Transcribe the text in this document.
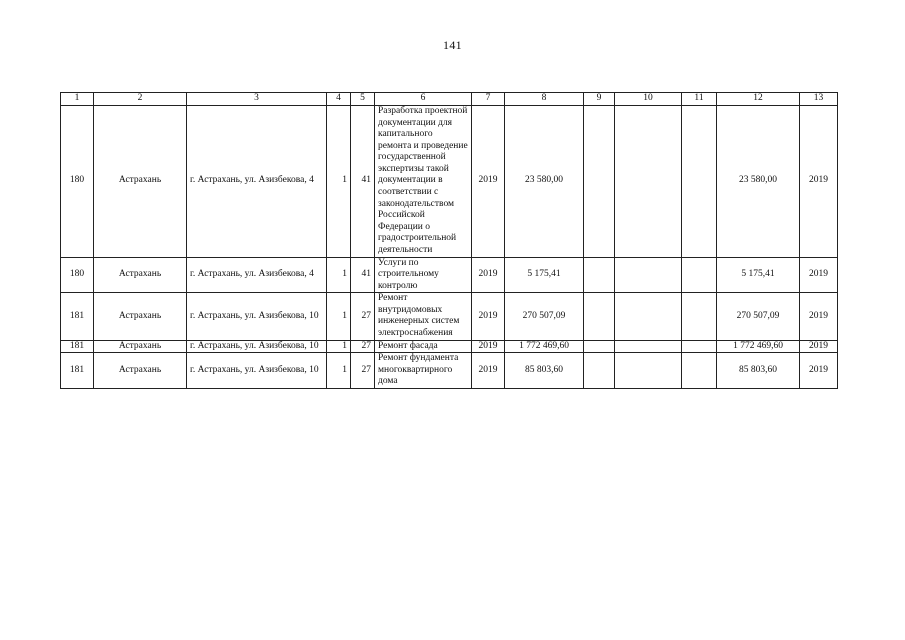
141
1	2	3	4	5	6	7	8	9	10	11	12	13
180	Астрахань	г. Астрахань, ул. Азизбекова, 4	1	41	Разработка проектной документации для капитального ремонта и проведение государственной экспертизы такой документации в соответствии с законодательством Российской Федерации о градостроительной деятельности	2019	23 580,00				23 580,00	2019
180	Астрахань	г. Астрахань, ул. Азизбекова, 4	1	41	Услуги по строительному контролю	2019	5 175,41				5 175,41	2019
181	Астрахань	г. Астрахань, ул. Азизбекова, 10	1	27	Ремонт внутридомовых инженерных систем электроснабжения	2019	270 507,09				270 507,09	2019
181	Астрахань	г. Астрахань, ул. Азизбекова, 10	1	27	Ремонт фасада	2019	1 772 469,60				1 772 469,60	2019
181	Астрахань	г. Астрахань, ул. Азизбекова, 10	1	27	Ремонт фундамента многоквартирного дома	2019	85 803,60				85 803,60	2019
